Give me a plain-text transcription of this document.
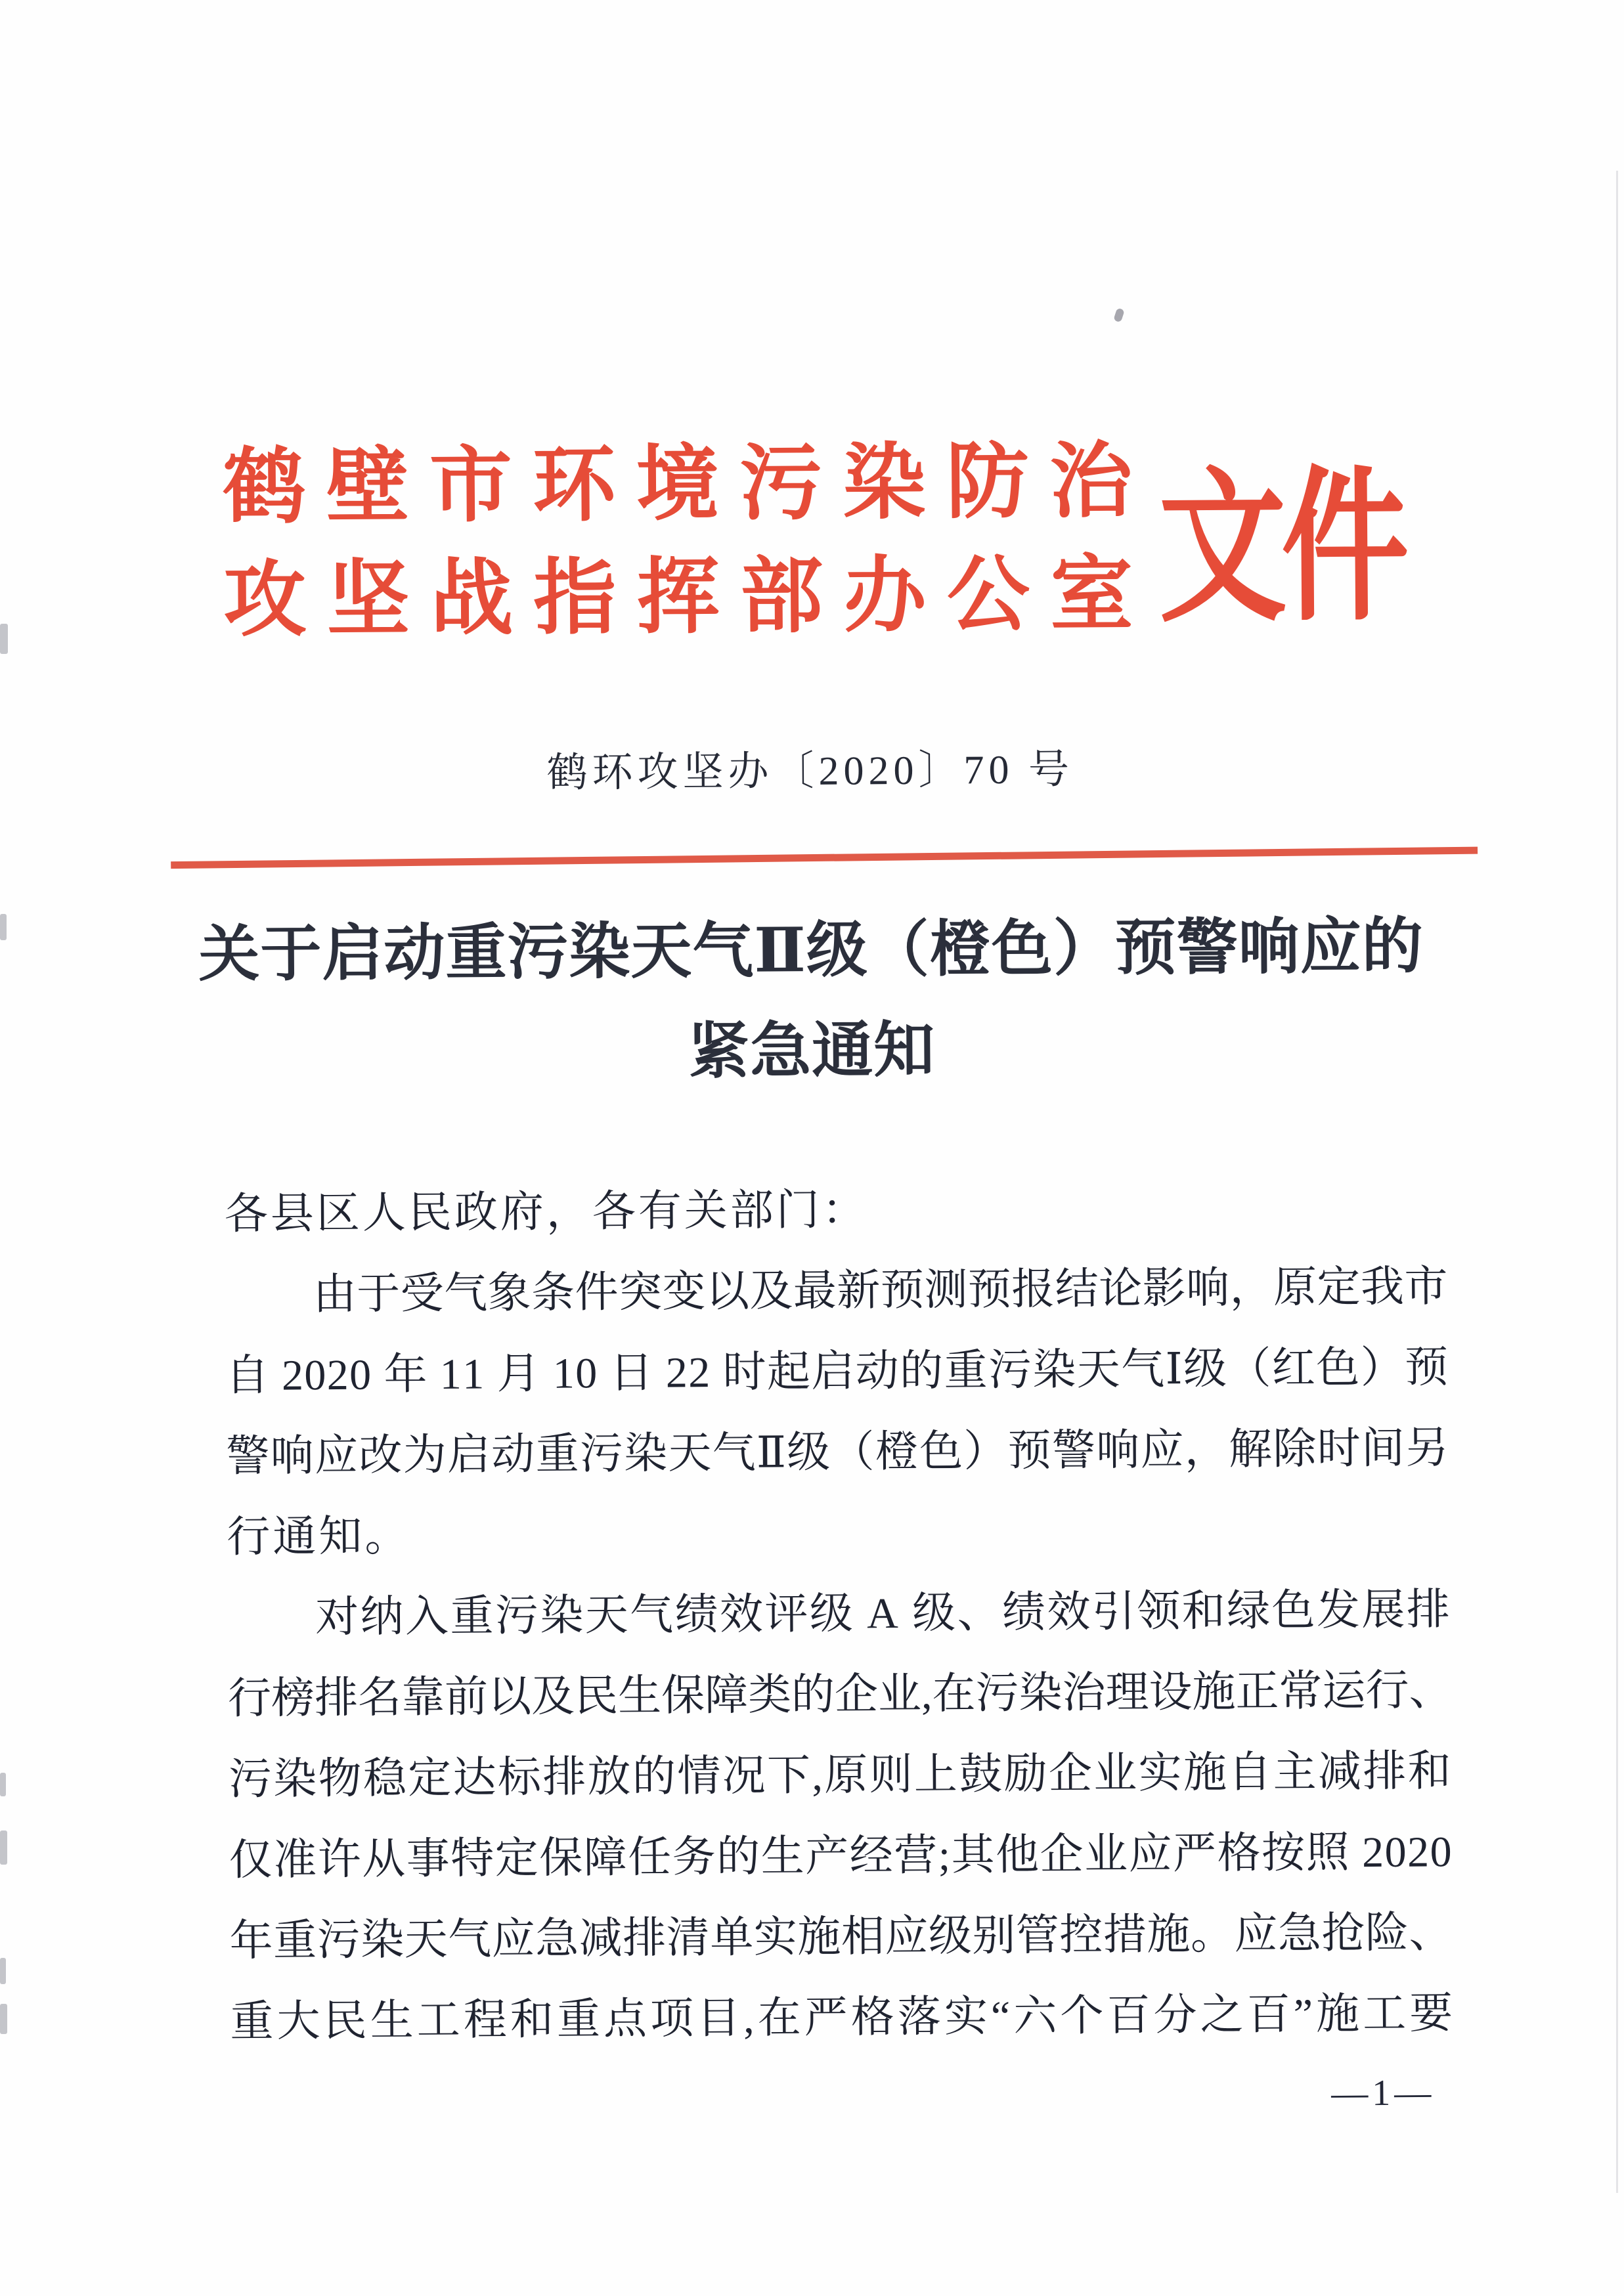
鹤 壁 市 环 境 污 染 防 治
攻 坚 战 指 挥 部 办 公 室 文件
鹤环攻坚办〔2020〕70 号
关于启动重污染天气Ⅱ级（橙色）预警响应的
紧急通知
各县区人民政府，各有关部门：
由 于 受 气 象 条 件 突 变 以 及 最 新 预 测 预 报 结 论 影 响 ， 原 定 我 市
自
2 0 2 0
年
1 1
月
1 0
日
2 2
时 起 启 动 的 重 污 染 天 气 Ⅰ 级 （ 红 色 ） 预
警 响 应 改 为 启 动 重 污 染 天 气 Ⅱ 级 （ 橙 色 ） 预 警 响 应 ， 解 除 时 间 另
行通知。
对 纳 入 重 污 染 天 气 绩 效 评 级
A
级 、 绩 效 引 领 和 绿 色 发 展 排
行 榜 排 名 靠 前 以 及 民 生 保 障 类 的 企 业 , 在 污 染 治 理 设 施 正 常 运 行 、
污 染 物 稳 定 达 标 排 放 的 情 况 下 , 原 则 上 鼓 励 企 业 实 施 自 主 减 排 和
仅 准 许 从 事 特 定 保 障 任 务 的 生 产 经 营 ; 其 他 企 业 应 严 格 按 照
2 0 2 0
年 重 污 染 天 气 应 急 减 排 清 单 实 施 相 应 级 别 管 控 措 施 。 应 急 抢 险 、
重 大 民 生 工 程 和 重 点 项 目 , 在 严 格 落 实 “ 六 个 百 分 之 百 ” 施 工 要
—1—
